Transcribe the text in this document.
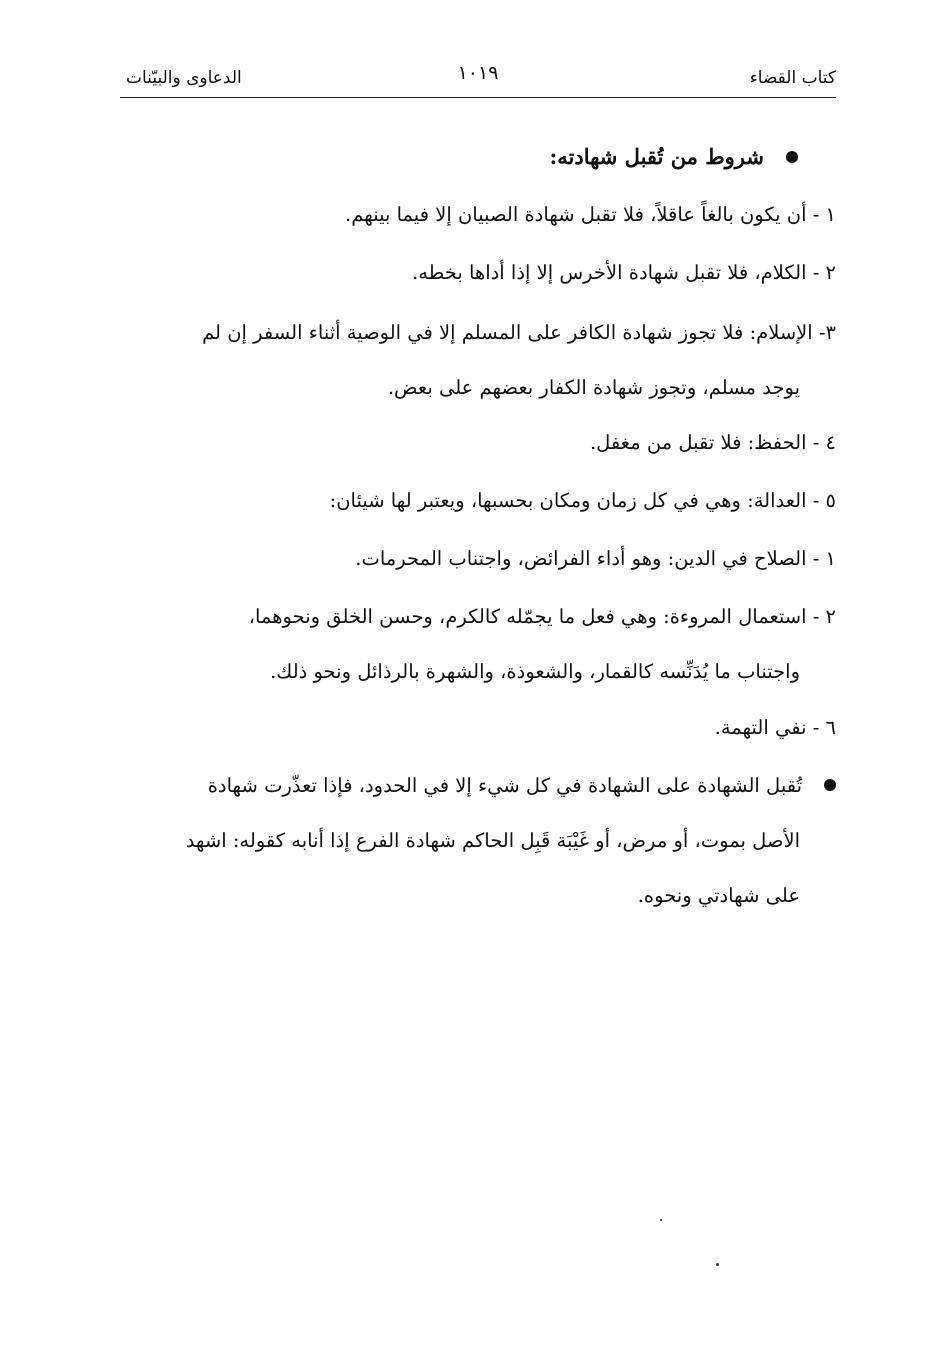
كتاب القضاء
١٠١٩
الدعاوى والبيّنات
شروط من تُقبل شهادته:
١ - أن يكون بالغاً عاقلاً، فلا تقبل شهادة الصبيان إلا فيما بينهم.
٢ - الكلام، فلا تقبل شهادة الأخرس إلا إذا أداها بخطه.
٣- الإسلام: فلا تجوز شهادة الكافر على المسلم إلا في الوصية أثناء السفر إن لم
يوجد مسلم، وتجوز شهادة الكفار بعضهم على بعض.
٤ - الحفظ: فلا تقبل من مغفل.
٥ - العدالة: وهي في كل زمان ومكان بحسبها، ويعتبر لها شيئان:
١ - الصلاح في الدين: وهو أداء الفرائض، واجتناب المحرمات.
٢ - استعمال المروءة: وهي فعل ما يجمّله كالكرم، وحسن الخلق ونحوهما،
واجتناب ما يُدَنِّسه كالقمار، والشعوذة، والشهرة بالرذائل ونحو ذلك.
٦ - نفي التهمة.
تُقبل الشهادة على الشهادة في كل شيء إلا في الحدود، فإذا تعذّرت شهادة
الأصل بموت، أو مرض، أو غَيْبَة قَبِل الحاكم شهادة الفرع إذا أنابه كقوله: اشهد
على شهادتي ونحوه.
